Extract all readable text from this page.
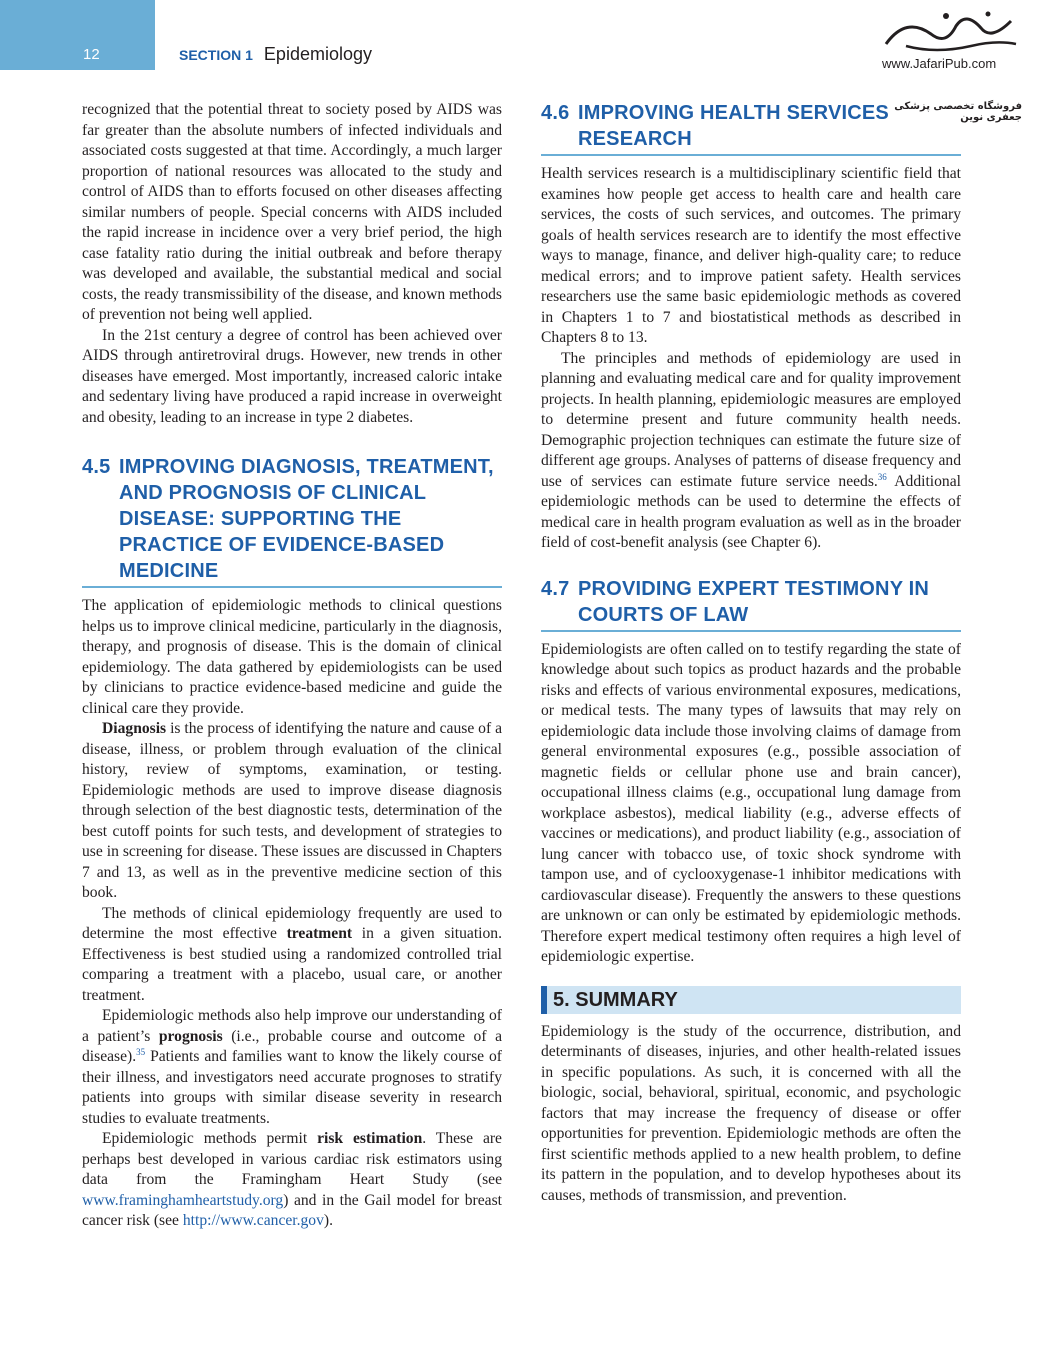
12	SECTION 1 Epidemiology	www.JafariPub.com
فروشگاه تخصصی پزشکی جعفری نوین

recognized that the potential threat to society posed by AIDS was far greater than the absolute numbers of infected individuals and associated costs suggested at that time. Accordingly, a much larger proportion of national resources was allocated to the study and control of AIDS than to efforts focused on other diseases affecting similar numbers of people. Special concerns with AIDS included the rapid increase in incidence over a very brief period, the high case fatality ratio during the initial outbreak and before therapy was developed and available, the substantial medical and social costs, the ready transmissibility of the disease, and known methods of prevention not being well applied.

In the 21st century a degree of control has been achieved over AIDS through antiretroviral drugs. However, new trends in other diseases have emerged. Most importantly, increased caloric intake and sedentary living have produced a rapid increase in overweight and obesity, leading to an increase in type 2 diabetes.

4.5 IMPROVING DIAGNOSIS, TREATMENT, AND PROGNOSIS OF CLINICAL DISEASE: SUPPORTING THE PRACTICE OF EVIDENCE-BASED MEDICINE

The application of epidemiologic methods to clinical questions helps us to improve clinical medicine, particularly in the diagnosis, therapy, and prognosis of disease. This is the domain of clinical epidemiology. The data gathered by epidemiologists can be used by clinicians to practice evidence-based medicine and guide the clinical care they provide.

Diagnosis is the process of identifying the nature and cause of a disease, illness, or problem through evaluation of the clinical history, review of symptoms, examination, or testing. Epidemiologic methods are used to improve disease diagnosis through selection of the best diagnostic tests, determination of the best cutoff points for such tests, and development of strategies to use in screening for disease. These issues are discussed in Chapters 7 and 13, as well as in the preventive medicine section of this book.

The methods of clinical epidemiology frequently are used to determine the most effective treatment in a given situation. Effectiveness is best studied using a randomized controlled trial comparing a treatment with a placebo, usual care, or another treatment.

Epidemiologic methods also help improve our understanding of a patient’s prognosis (i.e., probable course and outcome of a disease).$^{35}$ Patients and families want to know the likely course of their illness, and investigators need accurate prognoses to stratify patients into groups with similar disease severity in research studies to evaluate treatments.

Epidemiologic methods permit risk estimation. These are perhaps best developed in various cardiac risk estimators using data from the Framingham Heart Study (see www.framinghamheartstudy.org) and in the Gail model for breast cancer risk (see http://www.cancer.gov).

4.6 IMPROVING HEALTH SERVICES RESEARCH

Health services research is a multidisciplinary scientific field that examines how people get access to health care and health care services, the costs of such services, and outcomes. The primary goals of health services research are to identify the most effective ways to manage, finance, and deliver high-quality care; to reduce medical errors; and to improve patient safety. Health services researchers use the same basic epidemiologic methods as covered in Chapters 1 to 7 and biostatistical methods as described in Chapters 8 to 13.

The principles and methods of epidemiology are used in planning and evaluating medical care and for quality improvement projects. In health planning, epidemiologic measures are employed to determine present and future community health needs. Demographic projection techniques can estimate the future size of different age groups. Analyses of patterns of disease frequency and use of services can estimate future service needs.$^{36}$ Additional epidemiologic methods can be used to determine the effects of medical care in health program evaluation as well as in the broader field of cost-benefit analysis (see Chapter 6).

4.7 PROVIDING EXPERT TESTIMONY IN COURTS OF LAW

Epidemiologists are often called on to testify regarding the state of knowledge about such topics as product hazards and the probable risks and effects of various environmental exposures, medications, or medical tests. The many types of lawsuits that may rely on epidemiologic data include those involving claims of damage from general environmental exposures (e.g., possible association of magnetic fields or cellular phone use and brain cancer), occupational illness claims (e.g., occupational lung damage from workplace asbestos), medical liability (e.g., adverse effects of vaccines or medications), and product liability (e.g., association of lung cancer with tobacco use, of toxic shock syndrome with tampon use, and of cyclooxygenase-1 inhibitor medications with cardiovascular disease). Frequently the answers to these questions are unknown or can only be estimated by epidemiologic methods. Therefore expert medical testimony often requires a high level of epidemiologic expertise.

5. SUMMARY

Epidemiology is the study of the occurrence, distribution, and determinants of diseases, injuries, and other health-related issues in specific populations. As such, it is concerned with all the biologic, social, behavioral, spiritual, economic, and psychologic factors that may increase the frequency of disease or offer opportunities for prevention. Epidemiologic methods are often the first scientific methods applied to a new health problem, to define its pattern in the population, and to develop hypotheses about its causes, methods of transmission, and prevention.
